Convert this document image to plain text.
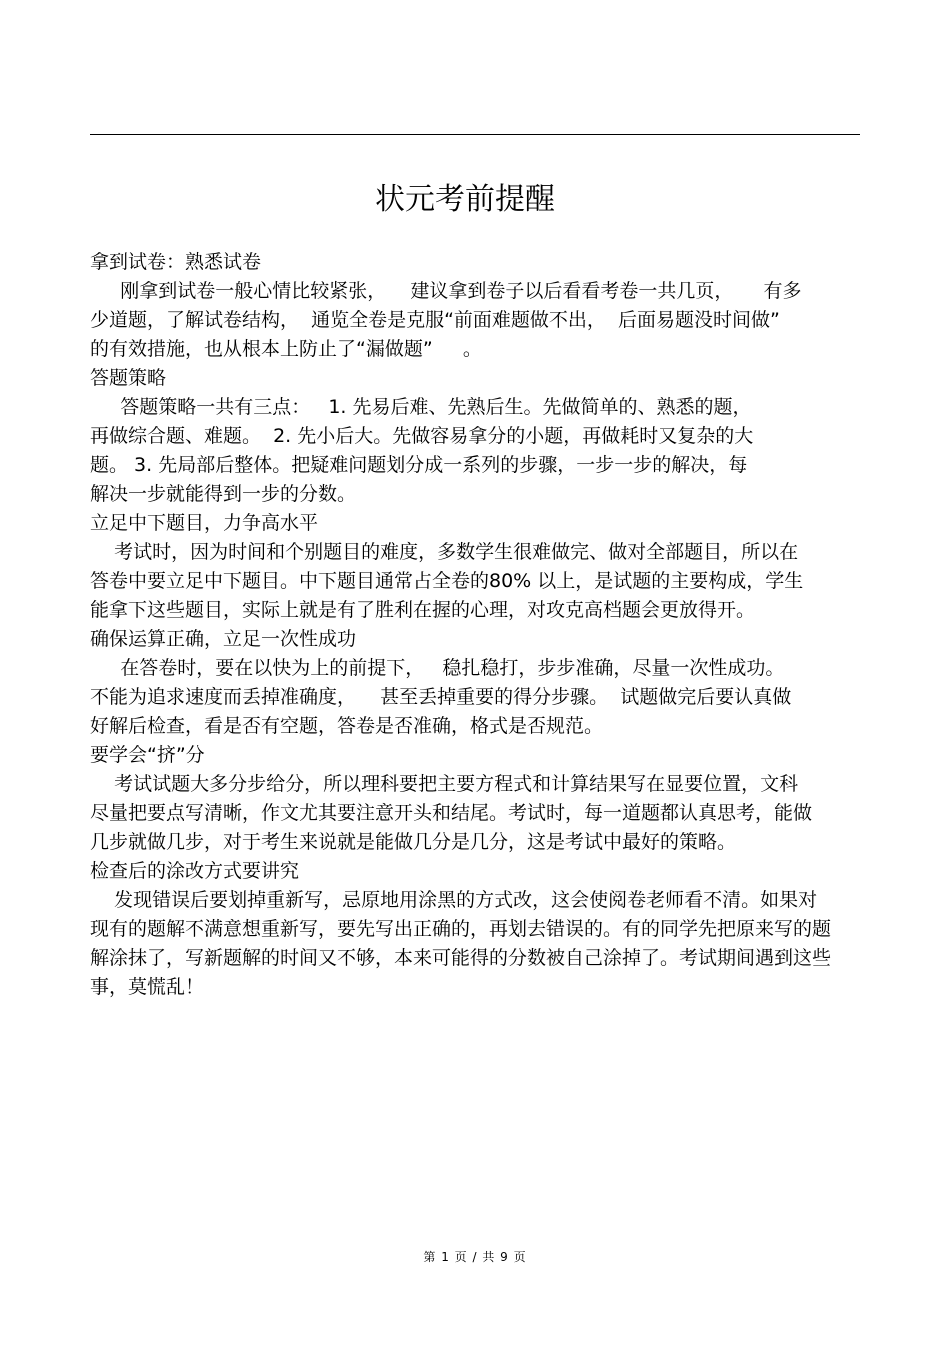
状元考前提醒

拿到试卷：熟悉试卷

刚拿到试卷一般心情比较紧张，    建议拿到卷子以后看看考卷一共几页，     有多

少道题，了解试卷结构，  通览全卷是克服“前面难题做不出，  后面易题没时间做”

的有效措施，也从根本上防止了“漏做题”     。

答题策略

答题策略一共有三点：   1. 先易后难、先熟后生。先做简单的、熟悉的题，

再做综合题、难题。  2. 先小后大。先做容易拿分的小题，再做耗时又复杂的大

题。 3. 先局部后整体。把疑难问题划分成一系列的步骤，一步一步的解决，每

解决一步就能得到一步的分数。

立足中下题目，力争高水平

考试时，因为时间和个别题目的难度，多数学生很难做完、做对全部题目，所以在

答卷中要立足中下题目。中下题目通常占全卷的80% 以上，是试题的主要构成，学生

能拿下这些题目，实际上就是有了胜利在握的心理，对攻克高档题会更放得开。

确保运算正确，立足一次性成功

在答卷时，要在以快为上的前提下，   稳扎稳打，步步准确，尽量一次性成功。

不能为追求速度而丢掉准确度，    甚至丢掉重要的得分步骤。  试题做完后要认真做

好解后检查，看是否有空题，答卷是否准确，格式是否规范。

要学会“挤”分

考试试题大多分步给分，所以理科要把主要方程式和计算结果写在显要位置，文科

尽量把要点写清晰，作文尤其要注意开头和结尾。考试时，每一道题都认真思考，能做

几步就做几步，对于考生来说就是能做几分是几分，这是考试中最好的策略。

检查后的涂改方式要讲究

发现错误后要划掉重新写，忌原地用涂黑的方式改，这会使阅卷老师看不清。如果对

现有的题解不满意想重新写，要先写出正确的，再划去错误的。有的同学先把原来写的题

解涂抹了，写新题解的时间又不够，本来可能得的分数被自己涂掉了。考试期间遇到这些

事，莫慌乱！

第 1 页 / 共 9 页
